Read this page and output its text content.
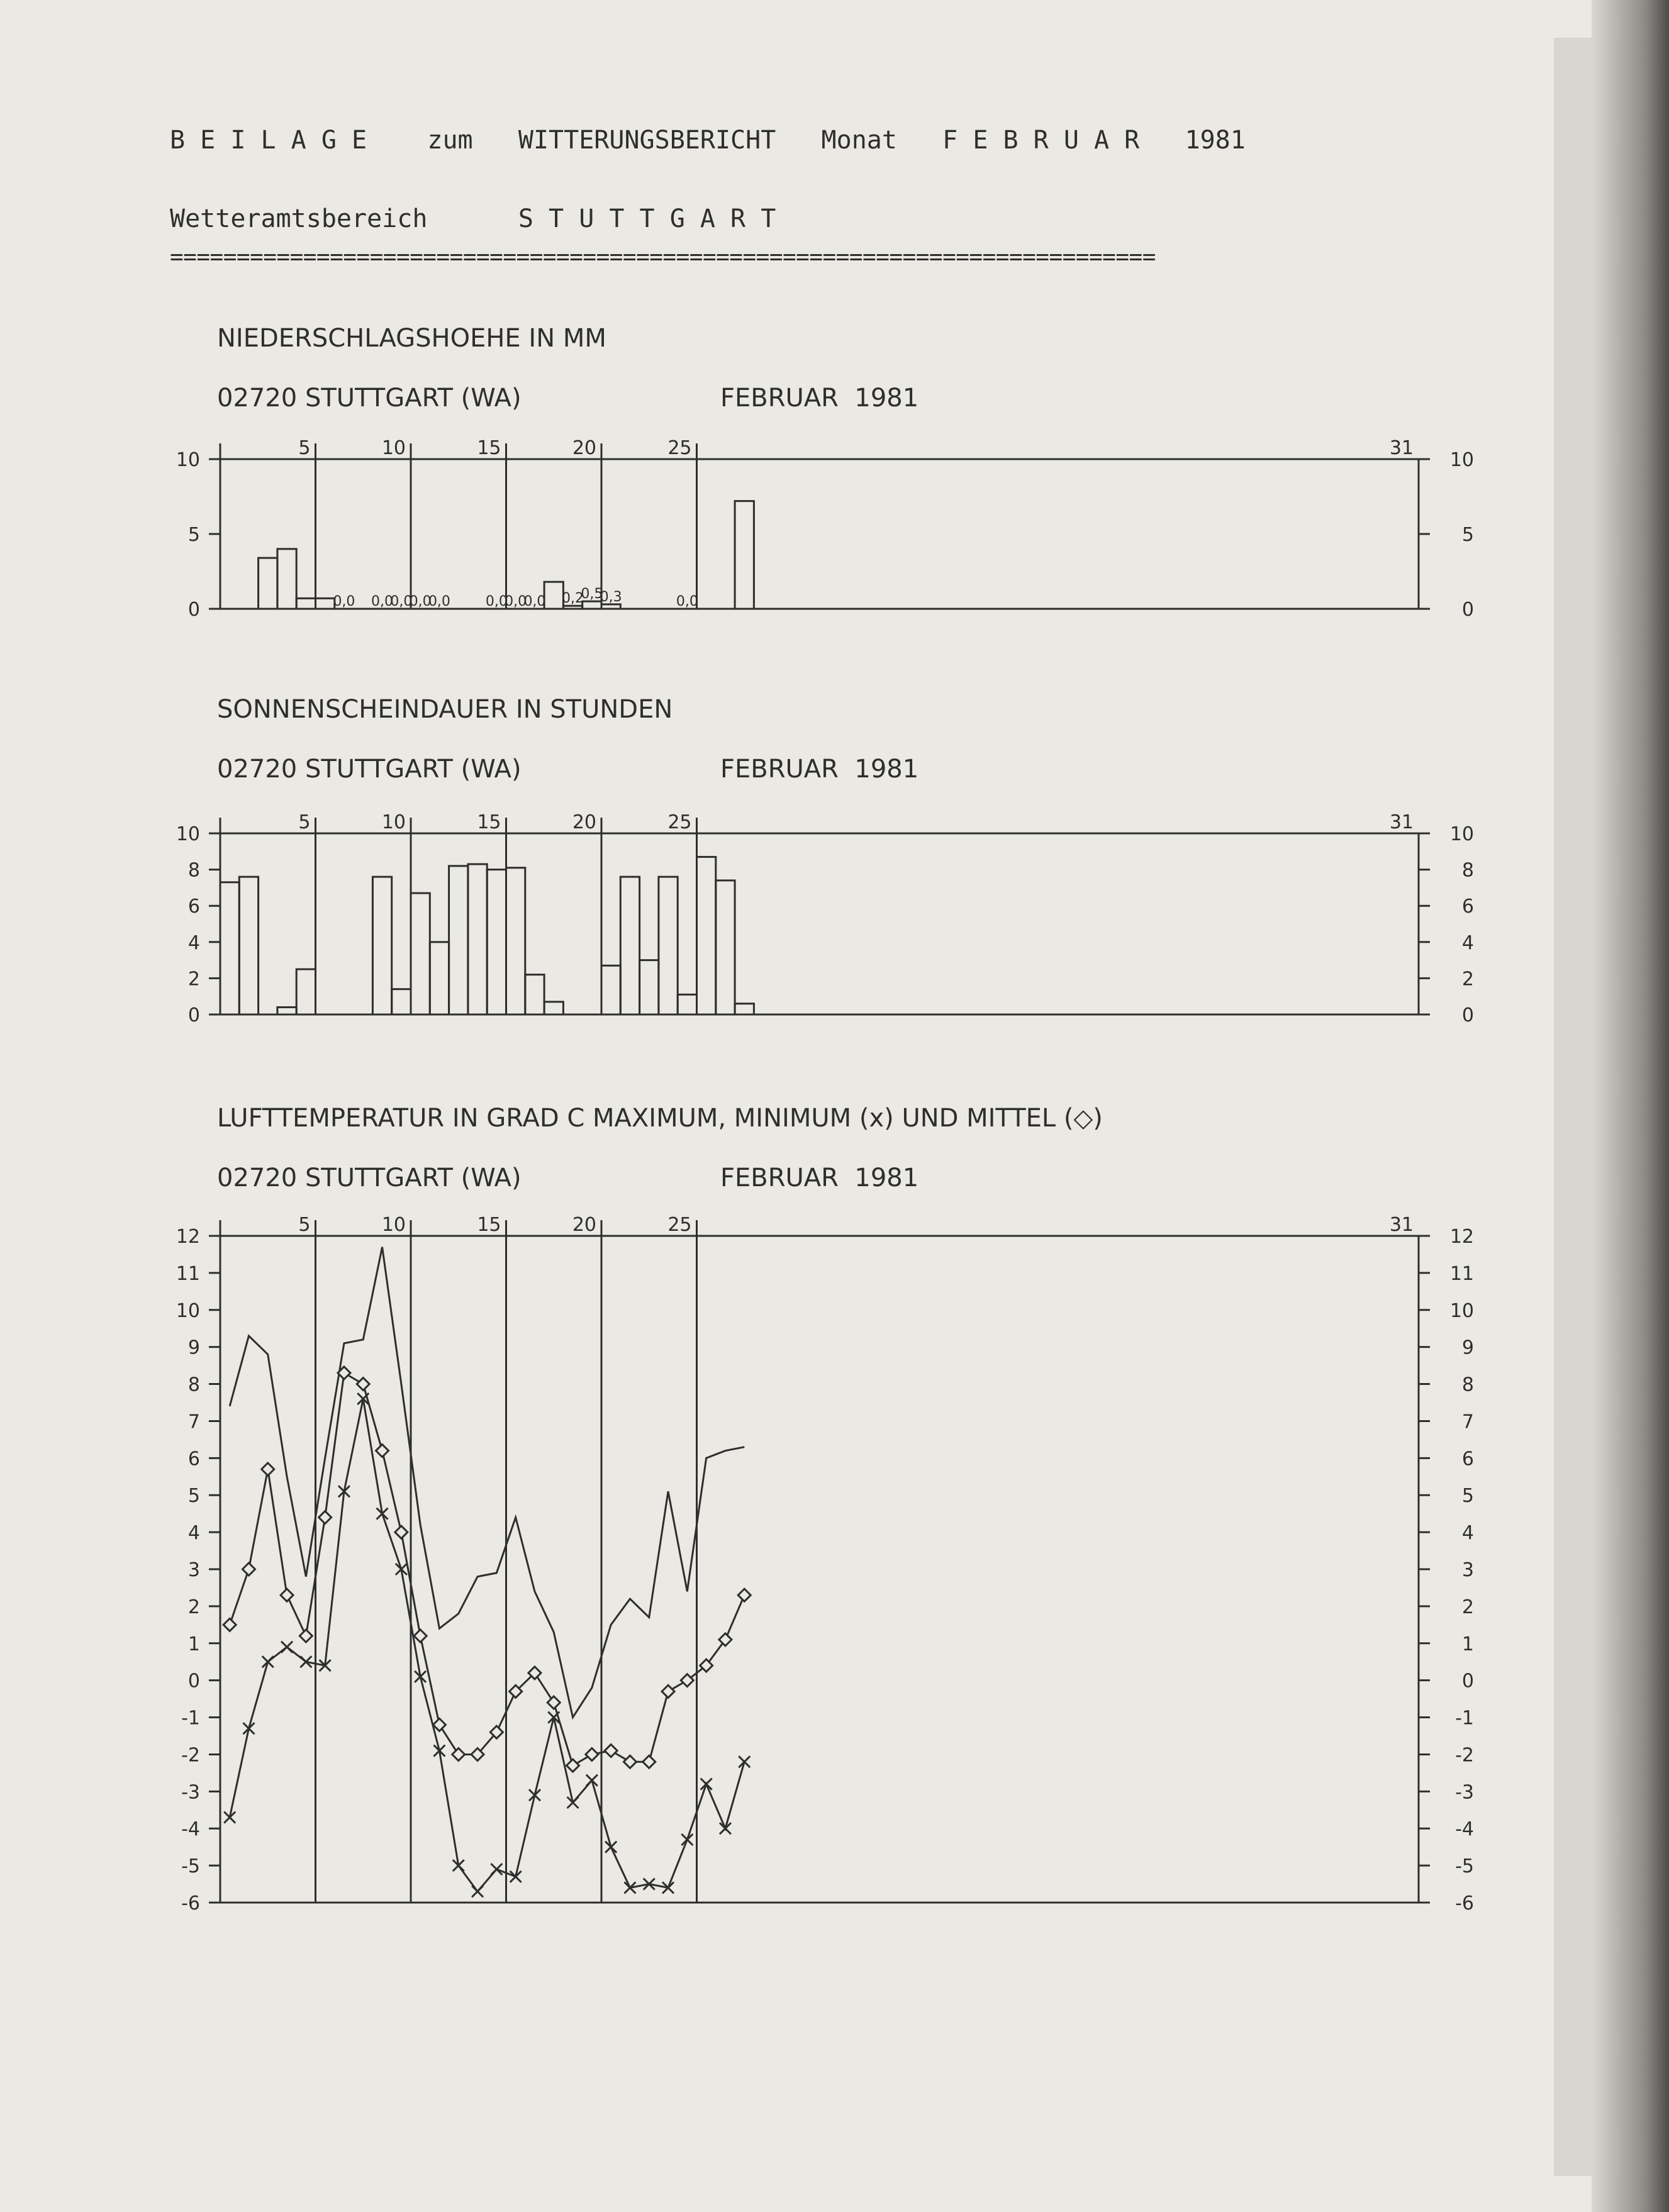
B E I L A G E    zum   WITTERUNGSBERICHT   Monat   F E B R U A R   1981
Wetteramtsbereich      S T U T T G A R T
==========================================================================
NIEDERSCHLAGSHOEHE IN MM
02720 STUTTGART (WA)	FEBRUAR  1981
SONNENSCHEINDAUER IN STUNDEN
02720 STUTTGART (WA)	FEBRUAR  1981
LUFTTEMPERATUR IN GRAD C MAXIMUM, MINIMUM (x) UND MITTEL (◇)
02720 STUTTGART (WA)	FEBRUAR  1981
5	10	15	20	25	31
0	0
5	5
10	10
0,0 0,0
0,0
0,0
0,0	0,0
0,0
0,0 0,2
0,5
0,3	0,0
5	10	15	20	25	31
0	0
2	2
4	4
6	6
8	8
10	10
5	10	15	20	25	31
12	12
11	11
10	10
9	9
8	8
7	7
6	6
5	5
4	4
3	3
2	2
1	1
0	0
-1	-1
-2	-2
-3	-3
-4	-4
-5	-5
-6	-6
